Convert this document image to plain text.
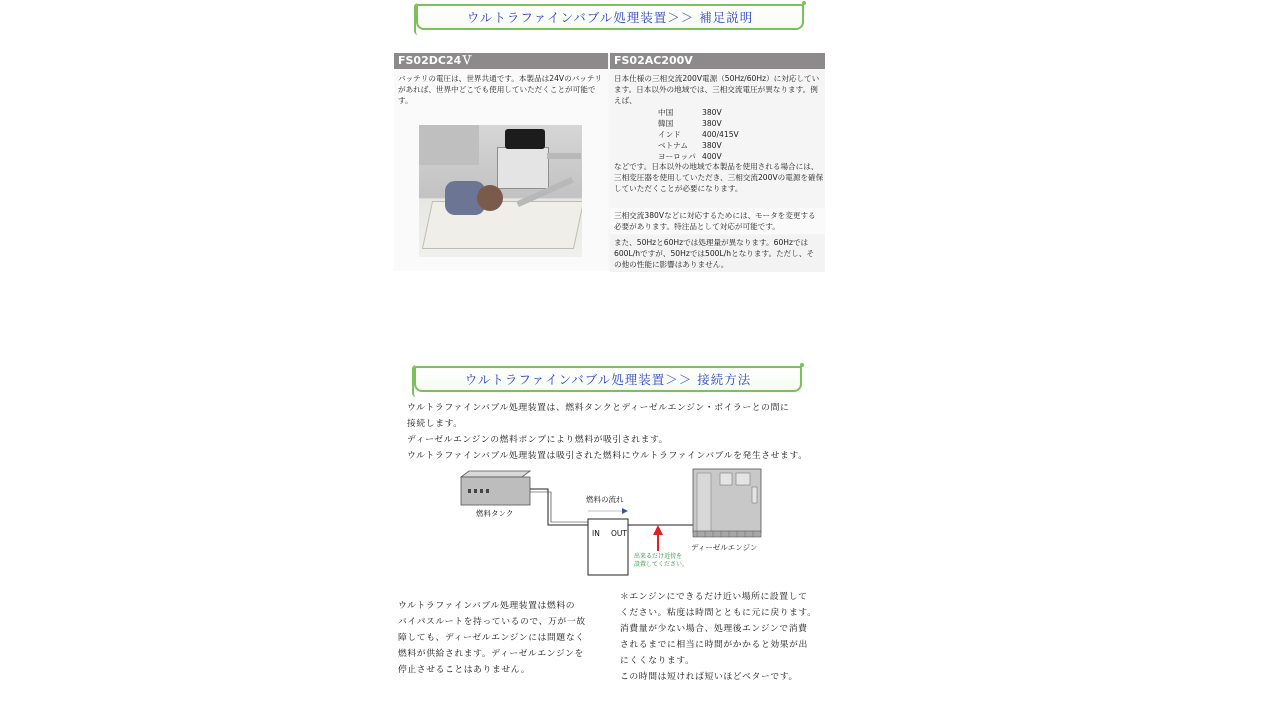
ウルトラファインバブル処理装置＞＞ 補足説明
FS02DC24Ｖ	FS02AC200V
バッテリの電圧は、世界共通です。本製品は24Vのバッテリがあれば、世界中どこでも使用していただくことが可能です。
日本仕様の三相交流200V電源（50Hz/60Hz）に対応しています。日本以外の地域では、三相交流電圧が異なります。例えば、
中国	380V
韓国	380V
インド	400/415V
ベトナム	380V
ヨーロッパ 400V
などです。日本以外の地域で本製品を使用される場合には、三相変圧器を使用していただき、三相交流200Vの電源を確保していただくことが必要になります。
三相交流380Vなどに対応するためには、モータを変更する必要があります。特注品として対応が可能です。
また、50Hzと60Hzでは処理量が異なります。60Hzでは600L/hですが、50Hzでは500L/hとなります。ただし、その他の性能に影響はありません。
ウルトラファインバブル処理装置＞＞ 接続方法
ウルトラファインバブル処理装置は、燃料タンクとディーゼルエンジン・ボイラーとの間に
接続します。
ディーゼルエンジンの燃料ポンプにより燃料が吸引されます。
ウルトラファインバブル処理装置は吸引された燃料にウルトラファインバブルを発生させます。
燃料タンク
燃料の流れ
IN OUT
ディーゼルエンジン
出来るだけ近傍を
設置してください。
ウルトラファインバブル処理装置は燃料の
バイパスルートを持っているので、万が一故
障しても、ディーゼルエンジンには問題なく
燃料が供給されます。ディーゼルエンジンを
停止させることはありません。
＊エンジンにできるだけ近い場所に設置して
ください。粘度は時間とともに元に戻ります。
消費量が少ない場合、処理後エンジンで消費
されるまでに相当に時間がかかると効果が出
にくくなります。
この時間は短ければ短いほどベターです。
